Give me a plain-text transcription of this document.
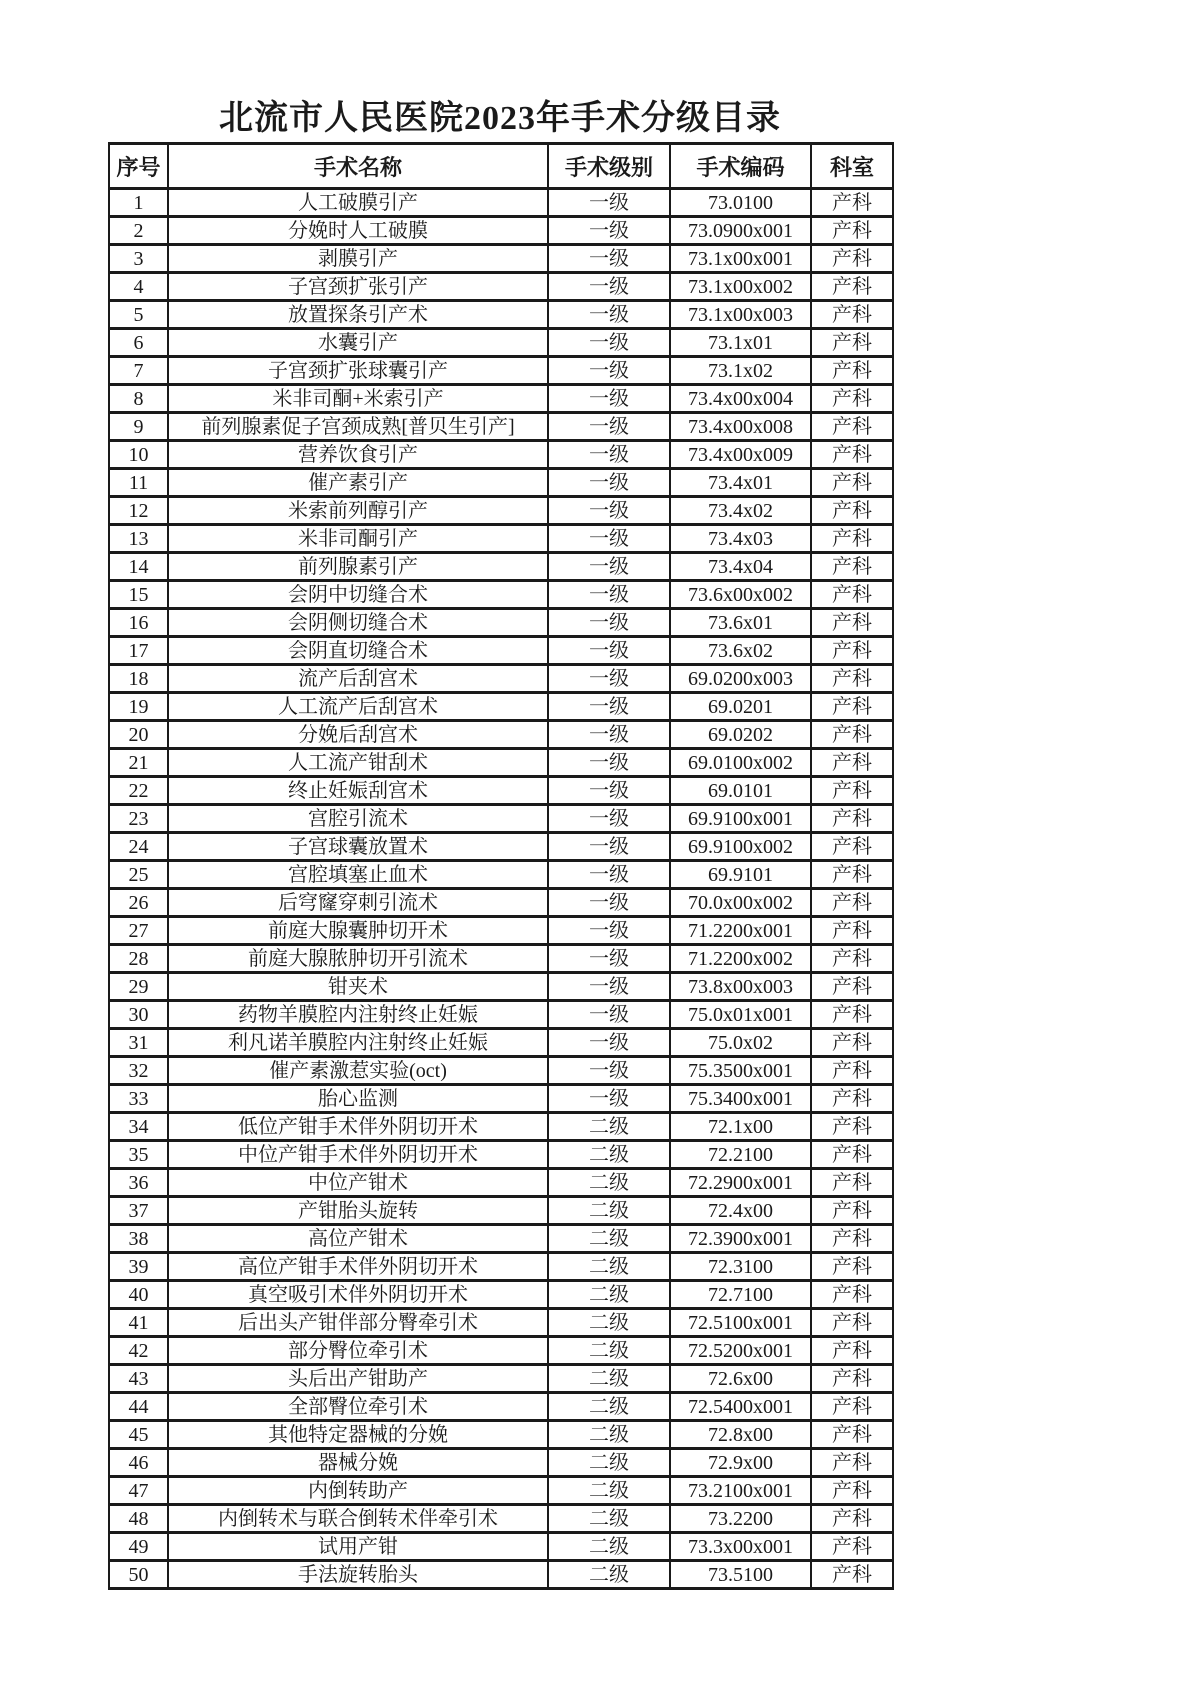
北流市人民医院2023年手术分级目录
序号	手术名称	手术级别	手术编码	科室
1	人工破膜引产	一级	73.0100	产科
2	分娩时人工破膜	一级	73.0900x001	产科
3	剥膜引产	一级	73.1x00x001	产科
4	子宫颈扩张引产	一级	73.1x00x002	产科
5	放置探条引产术	一级	73.1x00x003	产科
6	水囊引产	一级	73.1x01	产科
7	子宫颈扩张球囊引产	一级	73.1x02	产科
8	米非司酮+米索引产	一级	73.4x00x004	产科
9	前列腺素促子宫颈成熟[普贝生引产]	一级	73.4x00x008	产科
10	营养饮食引产	一级	73.4x00x009	产科
11	催产素引产	一级	73.4x01	产科
12	米索前列醇引产	一级	73.4x02	产科
13	米非司酮引产	一级	73.4x03	产科
14	前列腺素引产	一级	73.4x04	产科
15	会阴中切缝合术	一级	73.6x00x002	产科
16	会阴侧切缝合术	一级	73.6x01	产科
17	会阴直切缝合术	一级	73.6x02	产科
18	流产后刮宫术	一级	69.0200x003	产科
19	人工流产后刮宫术	一级	69.0201	产科
20	分娩后刮宫术	一级	69.0202	产科
21	人工流产钳刮术	一级	69.0100x002	产科
22	终止妊娠刮宫术	一级	69.0101	产科
23	宫腔引流术	一级	69.9100x001	产科
24	子宫球囊放置术	一级	69.9100x002	产科
25	宫腔填塞止血术	一级	69.9101	产科
26	后穹窿穿刺引流术	一级	70.0x00x002	产科
27	前庭大腺囊肿切开术	一级	71.2200x001	产科
28	前庭大腺脓肿切开引流术	一级	71.2200x002	产科
29	钳夹术	一级	73.8x00x003	产科
30	药物羊膜腔内注射终止妊娠	一级	75.0x01x001	产科
31	利凡诺羊膜腔内注射终止妊娠	一级	75.0x02	产科
32	催产素激惹实验(oct)	一级	75.3500x001	产科
33	胎心监测	一级	75.3400x001	产科
34	低位产钳手术伴外阴切开术	二级	72.1x00	产科
35	中位产钳手术伴外阴切开术	二级	72.2100	产科
36	中位产钳术	二级	72.2900x001	产科
37	产钳胎头旋转	二级	72.4x00	产科
38	高位产钳术	二级	72.3900x001	产科
39	高位产钳手术伴外阴切开术	二级	72.3100	产科
40	真空吸引术伴外阴切开术	二级	72.7100	产科
41	后出头产钳伴部分臀牵引术	二级	72.5100x001	产科
42	部分臀位牵引术	二级	72.5200x001	产科
43	头后出产钳助产	二级	72.6x00	产科
44	全部臀位牵引术	二级	72.5400x001	产科
45	其他特定器械的分娩	二级	72.8x00	产科
46	器械分娩	二级	72.9x00	产科
47	内倒转助产	二级	73.2100x001	产科
48	内倒转术与联合倒转术伴牵引术	二级	73.2200	产科
49	试用产钳	二级	73.3x00x001	产科
50	手法旋转胎头	二级	73.5100	产科
